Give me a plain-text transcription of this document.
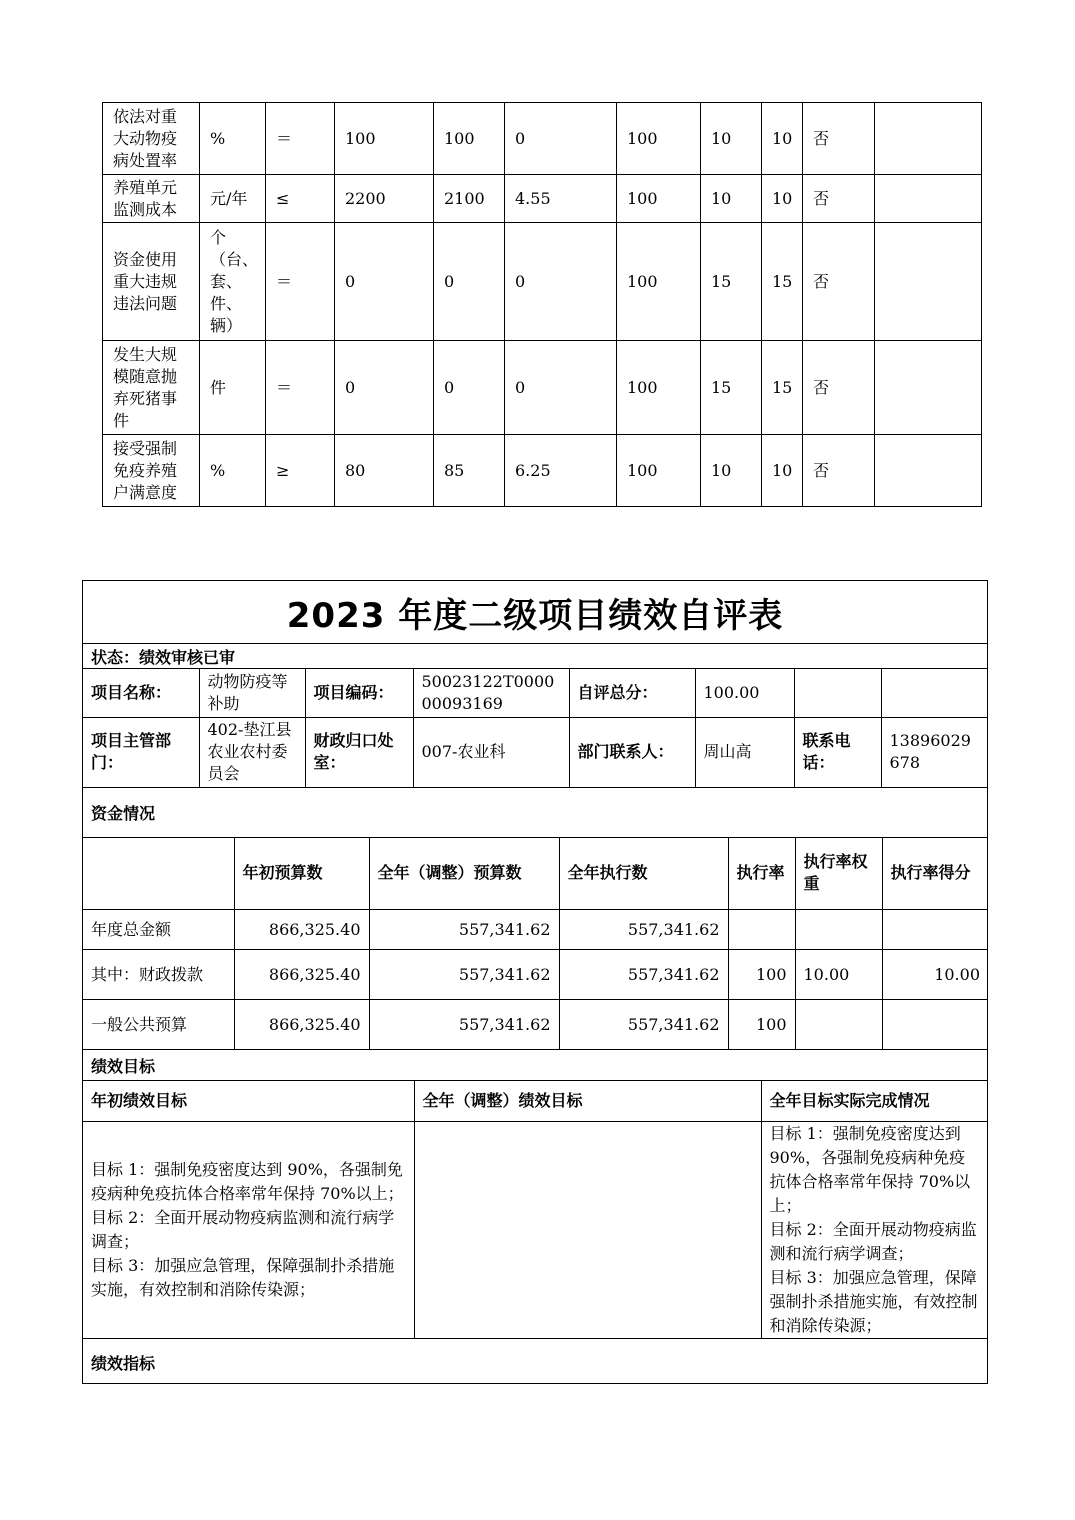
依法对重大动物疫病处置率	%	＝	100	100	0	100	10	10	否	
养殖单元监测成本	元/年	≤	2200	2100	4.55	100	10	10	否	
资金使用重大违规违法问题	个（台、套、件、辆）	＝	0	0	0	100	15	15	否	
发生大规模随意抛弃死猪事件	件	＝	0	0	0	100	15	15	否	
接受强制免疫养殖户满意度	%	≥	80	85	6.25	100	10	10	否	
2023 年度二级项目绩效自评表
状态：绩效审核已审
项目名称：	动物防疫等补助	项目编码：	50023122T000000093169	自评总分：	100.00		
项目主管部门：	402-垫江县农业农村委员会	财政归口处室：	007-农业科	部门联系人：	周山高	联系电话：	13896029678
资金情况
	年初预算数	全年（调整）预算数	全年执行数	执行率	执行率权重	执行率得分
年度总金额	866,325.40	557,341.62	557,341.62			
其中：财政拨款	866,325.40	557,341.62	557,341.62	100	10.00	10.00
一般公共预算	866,325.40	557,341.62	557,341.62	100		
绩效目标
年初绩效目标	全年（调整）绩效目标	全年目标实际完成情况
目标 1：强制免疫密度达到 90%，各强制免疫病种免疫抗体合格率常年保持 70%以上；
目标 2：全面开展动物疫病监测和流行病学调查；
目标 3：加强应急管理，保障强制扑杀措施实施，有效控制和消除传染源；		目标 1：强制免疫密度达到 90%，各强制免疫病种免疫抗体合格率常年保持 70%以上；
目标 2：全面开展动物疫病监测和流行病学调查；
目标 3：加强应急管理，保障强制扑杀措施实施，有效控制和消除传染源；
绩效指标
